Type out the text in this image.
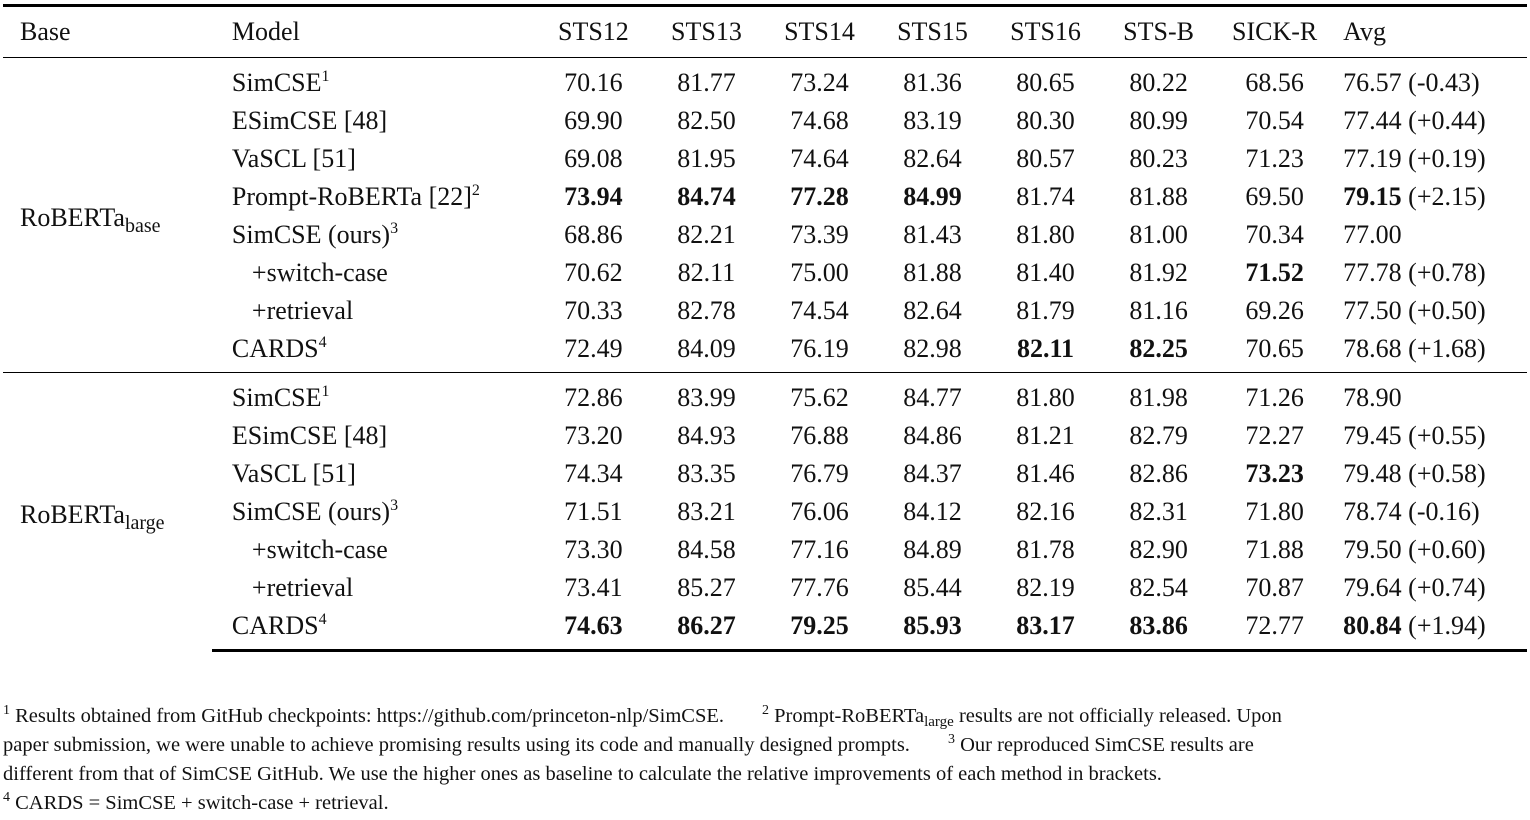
Base	Model	STS12	STS13	STS14	STS15	STS16	STS-B	SICK-R	Avg
RoBERTa$_{base}$	SimCSE$^1$	70.16	81.77	73.24	81.36	80.65	80.22	68.56	76.57 (-0.43)
	ESimCSE [48]	69.90	82.50	74.68	83.19	80.30	80.99	70.54	77.44 (+0.44)
	VaSCL [51]	69.08	81.95	74.64	82.64	80.57	80.23	71.23	77.19 (+0.19)
	Prompt-RoBERTa $[22]^2$	73.94	84.74	77.28	84.99	81.74	81.88	69.50	79.15 (+2.15)
	SimCSE (ours)$^3$	68.86	82.21	73.39	81.43	81.80	81.00	70.34	77.00
	+switch-case	70.62	82.11	75.00	81.88	81.40	81.92	71.52	77.78 (+0.78)
	+retrieval	70.33	82.78	74.54	82.64	81.79	81.16	69.26	77.50 (+0.50)
	CARDS$^4$	72.49	84.09	76.19	82.98	82.11	82.25	70.65	78.68 (+1.68)
RoBERTa$_{large}$	SimCSE$^1$	72.86	83.99	75.62	84.77	81.80	81.98	71.26	78.90
	ESimCSE [48]	73.20	84.93	76.88	84.86	81.21	82.79	72.27	79.45 (+0.55)
	VaSCL [51]	74.34	83.35	76.79	84.37	81.46	82.86	73.23	79.48 (+0.58)
	SimCSE (ours)$^3$	71.51	83.21	76.06	84.12	82.16	82.31	71.80	78.74 (-0.16)
	+switch-case	73.30	84.58	77.16	84.89	81.78	82.90	71.88	79.50 (+0.60)
	+retrieval	73.41	85.27	77.76	85.44	82.19	82.54	70.87	79.64 (+0.74)
	CARDS$^4$	74.63	86.27	79.25	85.93	83.17	83.86	72.77	80.84 (+1.94)
$^1$ Results obtained from GitHub checkpoints: https://github.com/princeton-nlp/SimCSE.	$^2$ Prompt-RoBERTa$_{large}$ results are not officially released. Upon
paper submission, we were unable to achieve promising results using its code and manually designed prompts.	$^3$ Our reproduced SimCSE results are
different from that of SimCSE GitHub. We use the higher ones as baseline to calculate the relative improvements of each method in brackets.
$^4$ CARDS = SimCSE + switch-case + retrieval.
